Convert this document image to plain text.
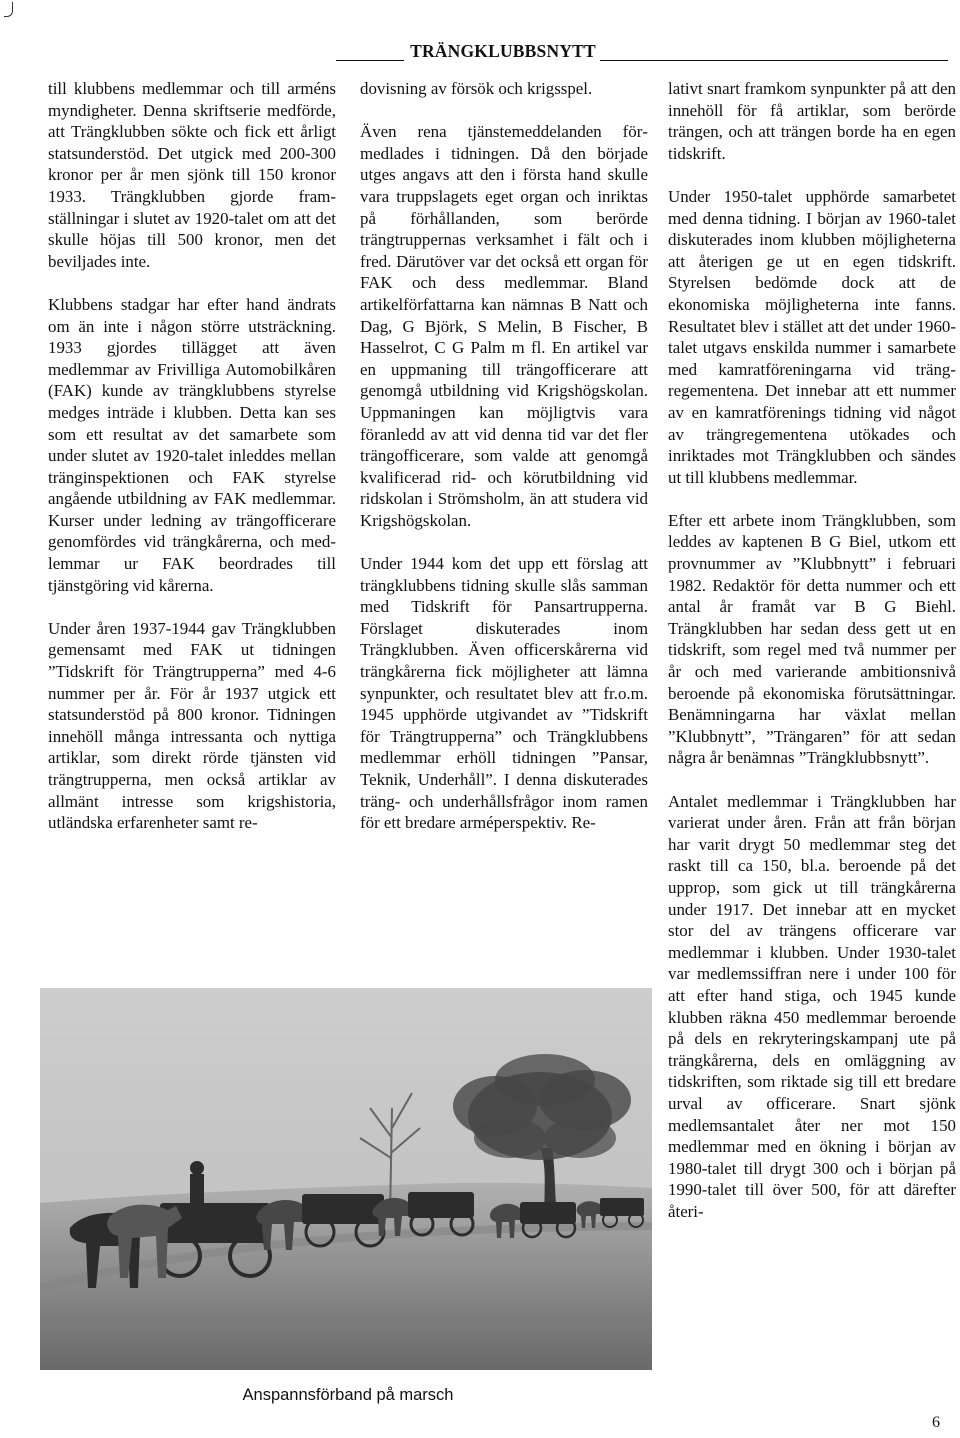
TRÄNGKLUBBSNYTT

till klubbens medlemmar och till arméns myndigheter. Denna skriftserie medförde, att Trängklubben sökte och fick ett årligt statsunderstöd. Det utgick med 200-300 kronor per år men sjönk till 150 kronor 1933. Trängklubben gjorde framställningar i slutet av 1920-talet om att det skulle höjas till 500 kronor, men det beviljades inte.

Klubbens stadgar har efter hand ändrats om än inte i någon större utsträckning. 1933 gjordes tillägget att även medlemmar av Frivilliga Automobilkåren (FAK) kunde av trängklubbens styrelse medges inträde i klubben. Detta kan ses som ett resultat av det samarbete som under slutet av 1920-talet inleddes mellan tränginspektionen och FAK styrelse angående utbildning av FAK medlemmar. Kurser under ledning av trängofficerare genomfördes vid trängkårerna, och medlemmar ur FAK beordrades till tjänstgöring vid kårerna.

Under åren 1937-1944 gav Trängklubben gemensamt med FAK ut tidningen ”Tidskrift för Trängtrupperna” med 4-6 nummer per år. För år 1937 utgick ett statsunderstöd på 800 kronor. Tidningen innehöll många intressanta och nyttiga artiklar, som direkt rörde tjänsten vid trängtrupperna, men också artiklar av allmänt intresse som krigshistoria, utländska erfarenheter samt re-

dovisning av försök och krigsspel.

Även rena tjänstemeddelanden förmedlades i tidningen. Då den började utges angavs att den i första hand skulle vara truppslagets eget organ och inriktas på förhållanden, som berörde trängtruppernas verksamhet i fält och i fred. Därutöver var det också ett organ för FAK och dess medlemmar. Bland artikelförfattarna kan nämnas B Natt och Dag, G Björk, S Melin, B Fischer, B Hasselrot, C G Palm m fl. En artikel var en uppmaning till trängofficerare att genomgå utbildning vid Krigshögskolan. Uppmaningen kan möjligtvis vara föranledd av att vid denna tid var det fler trängofficerare, som valde att genomgå kvalificerad rid- och körutbildning vid ridskolan i Strömsholm, än att studera vid Krigshögskolan.

Under 1944 kom det upp ett förslag att trängklubbens tidning skulle slås samman med Tidskrift för Pansartrupperna. Förslaget diskuterades inom Trängklubben. Även officerskårerna vid trängkårerna fick möjligheter att lämna synpunkter, och resultatet blev att fr.o.m. 1945 upphörde utgivandet av ”Tidskrift för Trängtrupperna” och Trängklubbens medlemmar erhöll tidningen ”Pansar, Teknik, Underhåll”. I denna diskuterades träng- och underhållsfrågor inom ramen för ett bredare arméperspektiv. Re-

lativt snart framkom synpunkter på att den innehöll för få artiklar, som berörde trängen, och att trängen borde ha en egen tidskrift.

Under 1950-talet upphörde samarbetet med denna tidning. I början av 1960-talet diskuterades inom klubben möjligheterna att återigen ge ut en egen tidskrift. Styrelsen bedömde dock att de ekonomiska möjligheterna inte fanns. Resultatet blev i stället att det under 1960-talet utgavs enskilda nummer i samarbete med kamratföreningarna vid trängregementena. Det innebar att ett nummer av en kamratförenings tidning vid något av trängregementena utökades och inriktades mot Trängklubben och sändes ut till klubbens medlemmar.

Efter ett arbete inom Trängklubben, som leddes av kaptenen B G Biel, utkom ett provnummer av ”Klubbnytt” i februari 1982. Redaktör för detta nummer och ett antal år framåt var B G Biehl. Trängklubben har sedan dess gett ut en tidskrift, som regel med två nummer per år och med varierande ambitionsnivå beroende på ekonomiska förutsättningar. Benämningarna har växlat mellan ”Klubbnytt”, ”Trängaren” för att sedan några år benämnas ”Trängklubbsnytt”.

Antalet medlemmar i Trängklubben har varierat under åren. Från att från början har varit drygt 50 medlemmar steg det raskt till ca 150, bl.a. beroende på det upprop, som gick ut till trängkårerna under 1917. Det innebar att en mycket stor del av trängens officerare var medlemmar i klubben. Under 1930-talet var medlemssiffran nere i under 100 för att efter hand stiga, och 1945 kunde klubben räkna 450 medlemmar beroende på dels en rekryteringskampanj ute på trängkårerna, dels en omläggning av tidskriften, som riktade sig till ett bredare urval av officerare. Snart sjönk medlemsantalet åter ner mot 150 medlemmar med en ökning i början av 1980-talet till drygt 300 och i början på 1990-talet till över 500, för att därefter återi-

Anspannsförband på marsch
6
